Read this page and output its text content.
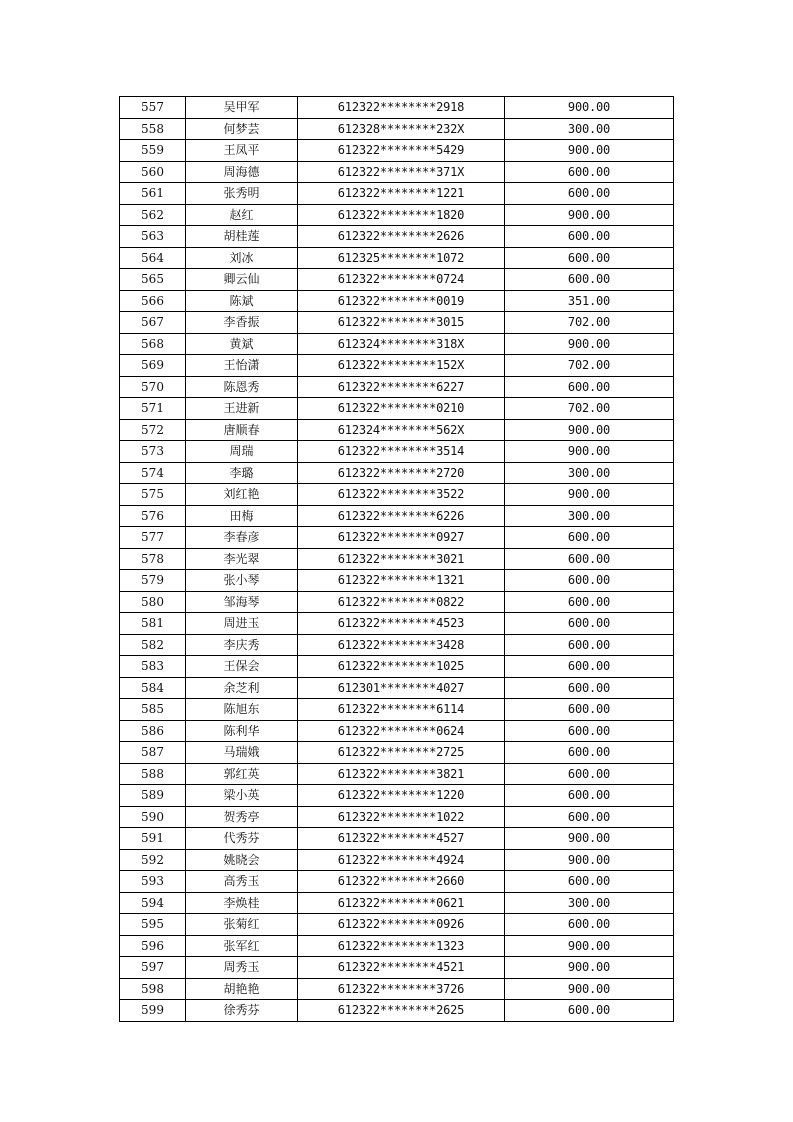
557	吴甲军	612322********2918	900.00
558	何梦芸	612328********232X	300.00
559	王凤平	612322********5429	900.00
560	周海德	612322********371X	600.00
561	张秀明	612322********1221	600.00
562	赵红	612322********1820	900.00
563	胡桂莲	612322********2626	600.00
564	刘冰	612325********1072	600.00
565	卿云仙	612322********0724	600.00
566	陈斌	612322********0019	351.00
567	李香振	612322********3015	702.00
568	黄斌	612324********318X	900.00
569	王怡潇	612322********152X	702.00
570	陈恩秀	612322********6227	600.00
571	王进新	612322********0210	702.00
572	唐顺春	612324********562X	900.00
573	周瑞	612322********3514	900.00
574	李璐	612322********2720	300.00
575	刘红艳	612322********3522	900.00
576	田梅	612322********6226	300.00
577	李春彦	612322********0927	600.00
578	李光翠	612322********3021	600.00
579	张小琴	612322********1321	600.00
580	邹海琴	612322********0822	600.00
581	周进玉	612322********4523	600.00
582	李庆秀	612322********3428	600.00
583	王保会	612322********1025	600.00
584	余芝利	612301********4027	600.00
585	陈旭东	612322********6114	600.00
586	陈利华	612322********0624	600.00
587	马瑞娥	612322********2725	600.00
588	郭红英	612322********3821	600.00
589	梁小英	612322********1220	600.00
590	贺秀亭	612322********1022	600.00
591	代秀芬	612322********4527	900.00
592	姚晓会	612322********4924	900.00
593	高秀玉	612322********2660	600.00
594	李焕桂	612322********0621	300.00
595	张菊红	612322********0926	600.00
596	张军红	612322********1323	900.00
597	周秀玉	612322********4521	900.00
598	胡艳艳	612322********3726	900.00
599	徐秀芬	612322********2625	600.00
